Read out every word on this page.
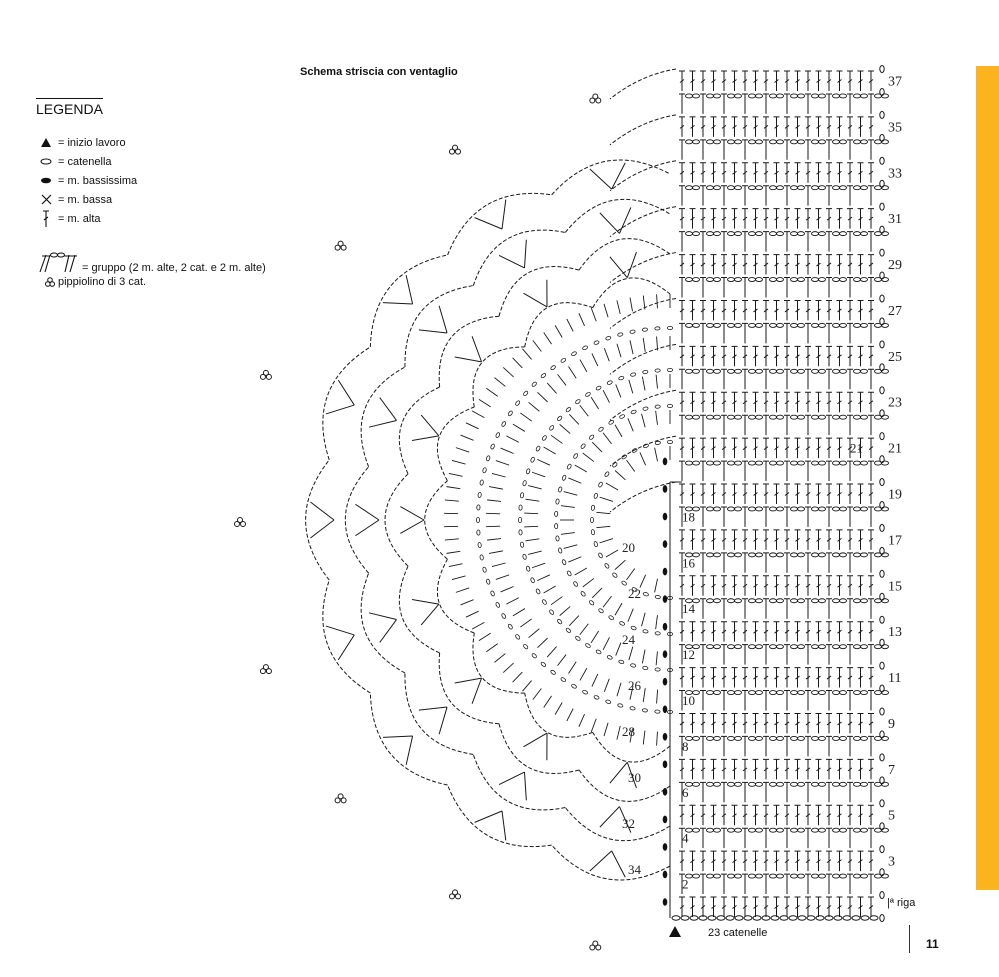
Schema striscia con ventaglio
LEGENDA
= inizio lavoro
= catenella
= m. bassissima
= m. bassa
= m. alta
= gruppo (2 m. alte, 2 cat. e 2 m. alte)
pippiolino di 3 cat.
37
35
33
31
29
27
25
23
21
19
17
15
13
11
9
7
5
3
21
18
16
14
12
10
8
6
4
2
20
22
24
26
28
30
32
34
|ª riga
23 catenelle
11
